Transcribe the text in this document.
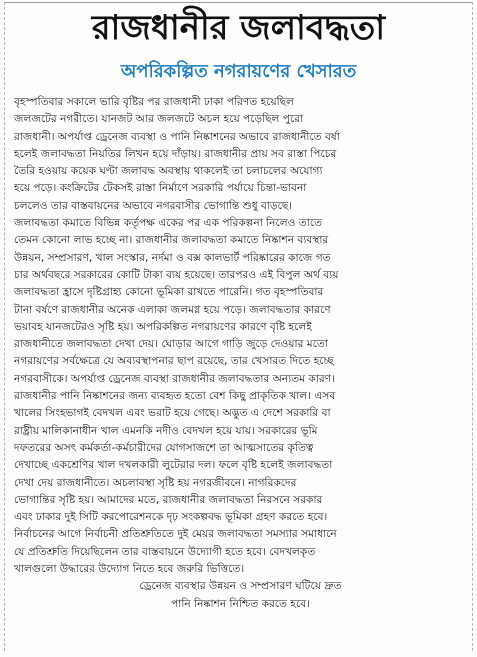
রাজধানীর জলাবদ্ধতা
অপরিকল্পিত নগরায়ণের খেসারত
বৃহস্পতিবার সকালে ভারি বৃষ্টির পর রাজধানী ঢাকা পরিণত হয়েছিল
জলজটের নগরীতে। যানজট আর জলজটে অচল হয়ে পড়েছিল পুরো
রাজধানী। অপর্যাপ্ত ড্রেনেজ ব্যবস্থা ও পানি নিষ্কাশনের অভাবে রাজধানীতে বর্ষা
হলেই জলাবদ্ধতা নিয়তির লিখন হয়ে দাঁড়ায়। রাজধানীর প্রায় সব রাস্তা পিচের
তৈরি হওয়ায় কয়েক ঘণ্টা জলাবদ্ধ অবস্থায় থাকলেই তা চলাচলের অযোগ্য
হয়ে পড়ে। কংক্রিটের টেকসই রাস্তা নির্মাণে সরকারি পর্যায়ে চিন্তা-ভাবনা
চললেও তার বাস্তবায়নের অভাবে নগরবাসীর ভোগান্তি শুধু বাড়ছে।
জলাবদ্ধতা কমাতে বিভিন্ন কর্তৃপক্ষ একের পর এক পরিকল্পনা নিলেও তাতে
তেমন কোনো লাভ হচ্ছে না। রাজধানীর জলাবদ্ধতা কমাতে নিষ্কাশন ব্যবস্থার
উন্নয়ন, সম্প্রসারণ, খাল সংস্কার, নর্দমা ও বক্স কালভার্ট পরিষ্কারের কাজে গত
চার অর্থবছরে সরকারের কোটি টাকা ব্যয় হয়েছে। তারপরও এই বিপুল অর্থ ব্যয়
জলাবদ্ধতা হ্রাসে দৃষ্টিগ্রাহ্য কোনো ভূমিকা রাখতে পারেনি। গত বৃহস্পতিবার
টানা বর্ষণে রাজধানীর অনেক এলাকা জলমগ্ন হয়ে পড়ে। জলাবদ্ধতার কারণে
ভয়াবহ যানজটেরও সৃষ্টি হয়। অপরিকল্পিত নগরায়ণের কারণে বৃষ্টি হলেই
রাজধানীতে জলাবদ্ধতা দেখা দেয়। ঘোড়ার আগে গাড়ি জুড়ে দেওয়ার মতো
নগরায়ণের সর্বক্ষেত্রে যে অব্যবস্থাপনার ছাপ রয়েছে, তার খেসারত দিতে হচ্ছে
নগরবাসীকে। অপর্যাপ্ত ড্রেনেজ ব্যবস্থা রাজধানীর জলাবদ্ধতার অন্যতম কারণ।
রাজধানীর পানি নিষ্কাশনের জন্য ব্যবহৃত হতো বেশ কিছু প্রাকৃতিক খাল। এসব
খালের সিংহভাগই বেদখল এবং ভরাট হয়ে গেছে। অদ্ভুত এ দেশে সরকারি বা
রাষ্ট্রীয় মালিকানাধীন খাল এমনকি নদীও বেদখল হয়ে যায়। সরকারের ভূমি
দফতরের অসৎ কর্মকর্তা-কর্মচারীদের যোগসাজশে তা আত্মসাতের কৃতিত্ব
দেখাচ্ছে একশ্রেণির খাল দখলকারী লুটেরার দল। ফলে বৃষ্টি হলেই জলাবদ্ধতা
দেখা দেয় রাজধানীতে। অচলাবস্থা সৃষ্টি হয় নগরজীবনে। নাগরিকদের
ভোগান্তির সৃষ্টি হয়। আমাদের মতে, রাজধানীর জলাবদ্ধতা নিরসনে সরকার
এবং ঢাকার দুই সিটি করপোরেশনকে দৃঢ় সংকল্পবদ্ধ ভূমিকা গ্রহণ করতে হবে।
নির্বাচনের আগে নির্বাচনী প্রতিশ্রুতিতে দুই মেয়র জলাবদ্ধতা সমস্যার সমাধানে
যে প্রতিশ্রুতি দিয়েছিলেন তার বাস্তবায়নে উদ্যোগী হতে হবে। বেদখলকৃত
খালগুলো উদ্ধারের উদ্যোগ নিতে হবে জরুরি ভিত্তিতে।
ড্রেনেজ ব্যবস্থার উন্নয়ন ও সম্প্রসারণ ঘটিয়ে দ্রুত
পানি নিষ্কাশন নিশ্চিত করতে হবে।
